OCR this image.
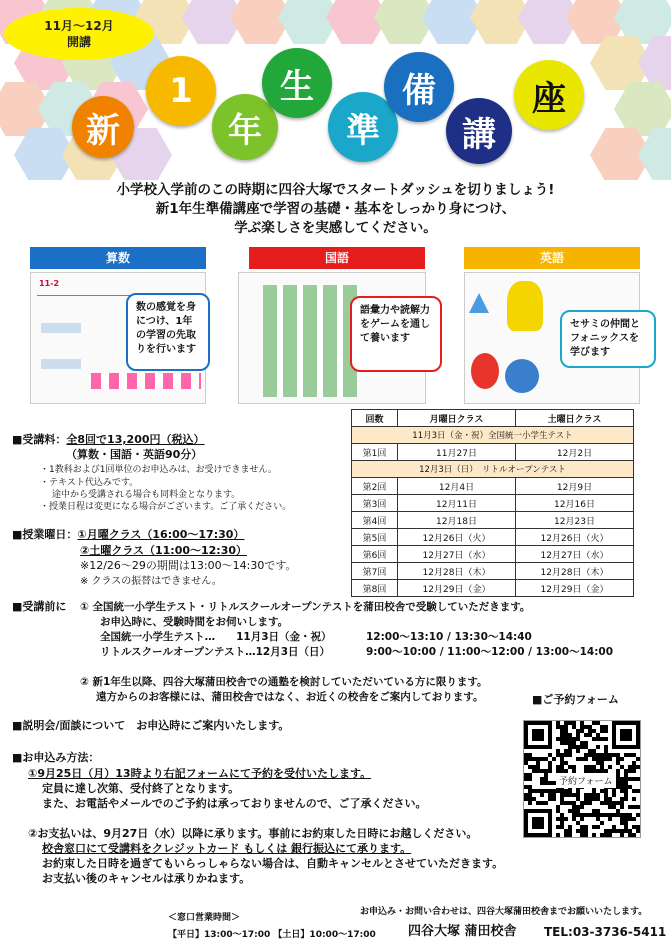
11月〜12月
開講
新
1
年
生
準
備
講
座
小学校入学前のこの時期に四谷大塚でスタートダッシュを切りましょう!
新1年生準備講座で学習の基礎・基本をしっかり身につけ、
学ぶ楽しさを実感してください。
算数
11-2
数の感覚を身につけ、1年の学習の先取りを行います
国語
語彙力や読解力をゲームを通して養います
英語
セサミの仲間とフォニックスを学びます
■受講料：全8回で13,200円（税込）
（算数・国語・英語90分）
・1教科および1回単位のお申込みは、お受けできません。
・テキスト代込みです。
途中から受講される場合も同料金となります。
・授業日程は変更になる場合がございます。ご了承ください。
■授業曜日：①月曜クラス（16:00〜17:30）
②土曜クラス（11:00〜12:30）
※12/26〜29の期間は13:00〜14:30です。
※ クラスの振替はできません。
回数	月曜日クラス	土曜日クラス
11月3日（金・祝）全国統一小学生テスト		
第1回	11月27日	12月2日
12月3日（日）　リトルオープンテスト		
第2回	12月4日	12月9日
第3回	12月11日	12月16日
第4回	12月18日	12月23日
第5回	12月26日（火）	12月26日（火）
第6回	12月27日（水）	12月27日（水）
第7回	12月28日（木）	12月28日（木）
第8回	12月29日（金）	12月29日（金）
■受講前に ① 全国統一小学生テスト・リトルスクールオープンテストを蒲田校舎で受験していただきます。
お申込時に、受験時間をお伺いします。
全国統一小学生テスト…　　11月3日（金・祝）	12:00〜13:10 / 13:30〜14:40
リトルスクールオープンテスト…12月3日（日）	9:00〜10:00 / 11:00〜12:00 / 13:00〜14:00
② 新1年生以降、四谷大塚蒲田校舎での通塾を検討していただいている方に限ります。
遠方からのお客様には、蒲田校舎ではなく、お近くの校舎をご案内しております。	■ご予約フォーム
予約フォーム
■説明会/面談について　お申込時にご案内いたします。
■お申込み方法：
①9月25日（月）13時より右記フォームにて予約を受付いたします。
定員に達し次第、受付終了となります。
また、お電話やメールでのご予約は承っておりませんので、ご了承ください。
②お支払いは、9月27日（水）以降に承ります。事前にお約束した日時にお越しください。
校舎窓口にて受講料をクレジットカード もしくは 銀行振込にて承ります。
お約束した日時を過ぎてもいらっしゃらない場合は、自動キャンセルとさせていただきます。
お支払い後のキャンセルは承りかねます。
お申込み・お問い合わせは、四谷大塚蒲田校舎までお願いいたします。
＜窓口営業時間＞
【平日】13:00〜17:00 【土日】10:00〜17:00 四谷大塚 蒲田校舎 TEL:03-3736-5411
